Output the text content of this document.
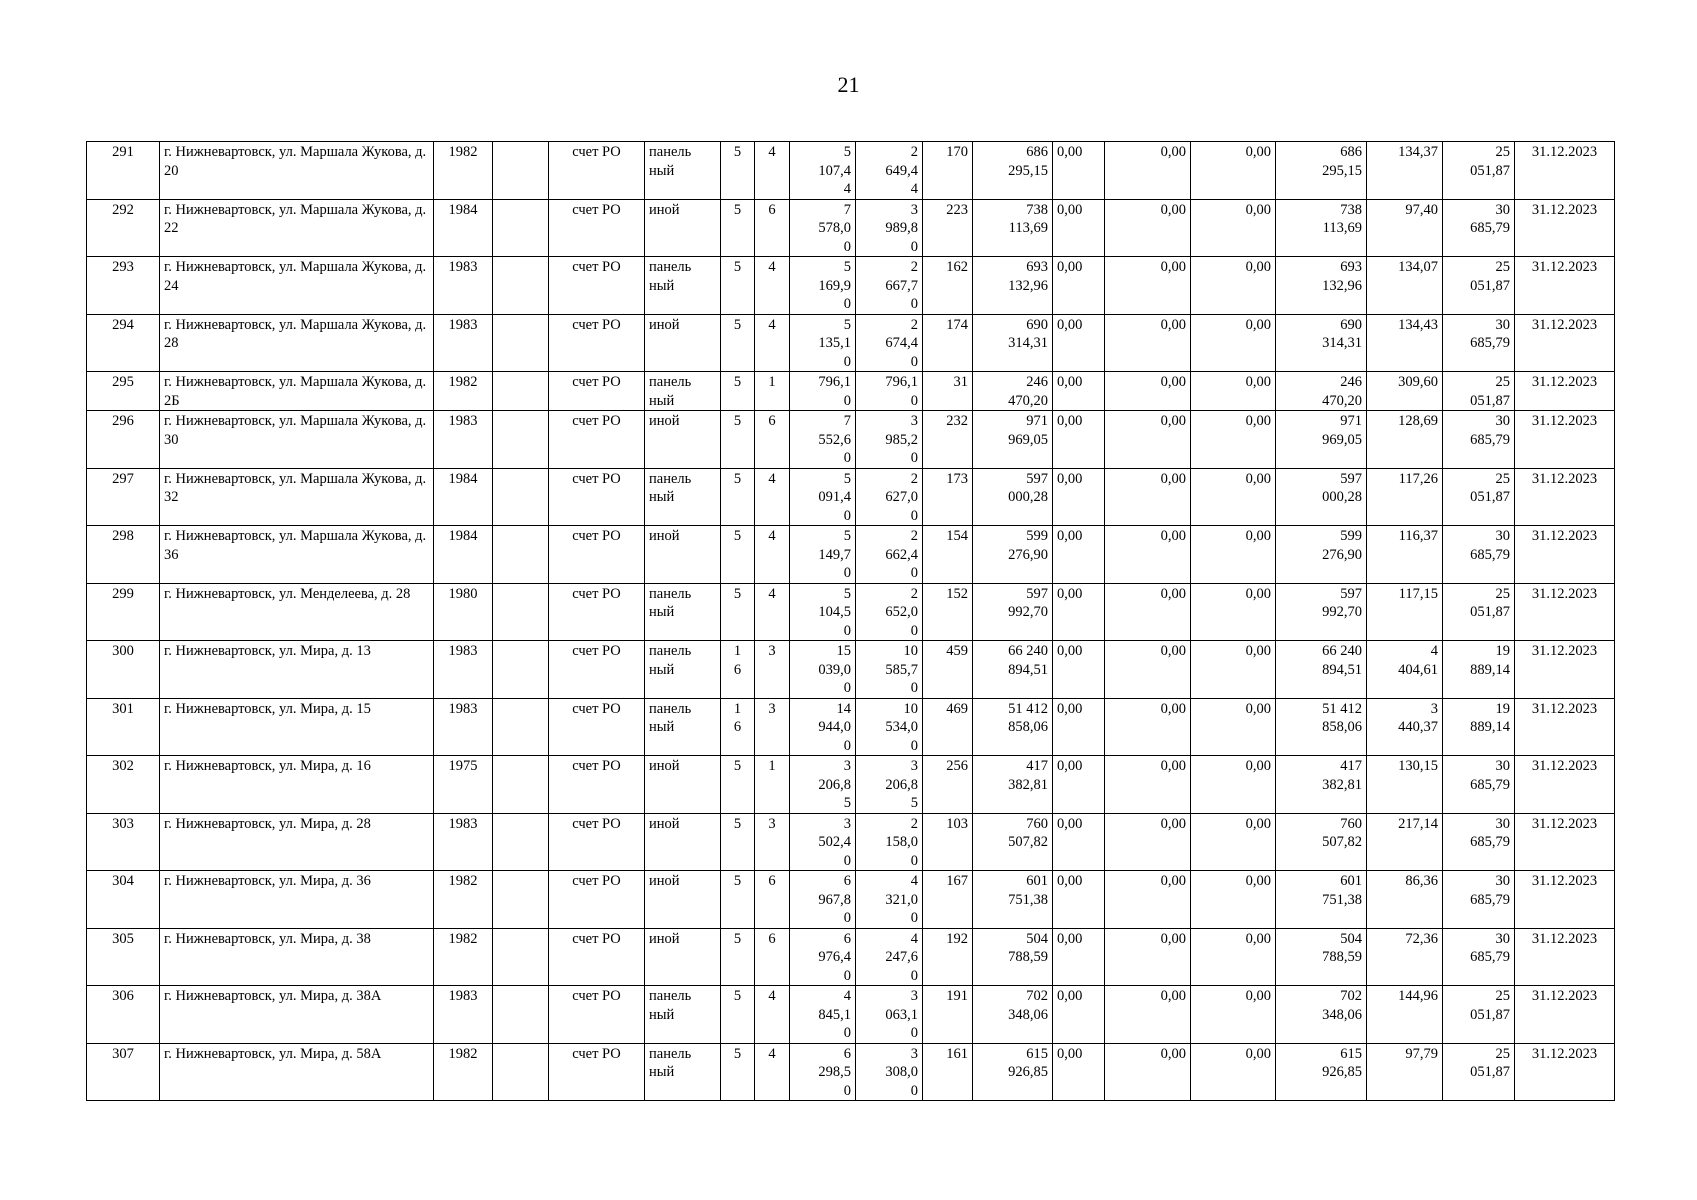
21
291	г. Нижневартовск, ул. Маршала Жукова, д. 20	1982		счет РО	панель
ный	5	4	5
107,4
4	2
649,4
4	170	686
295,15	0,00	0,00	0,00	686
295,15	134,37	25
051,87	31.12.2023
292	г. Нижневартовск, ул. Маршала Жукова, д. 22	1984		счет РО	иной	5	6	7
578,0
0	3
989,8
0	223	738
113,69	0,00	0,00	0,00	738
113,69	97,40	30
685,79	31.12.2023
293	г. Нижневартовск, ул. Маршала Жукова, д. 24	1983		счет РО	панель
ный	5	4	5
169,9
0	2
667,7
0	162	693
132,96	0,00	0,00	0,00	693
132,96	134,07	25
051,87	31.12.2023
294	г. Нижневартовск, ул. Маршала Жукова, д. 28	1983		счет РО	иной	5	4	5
135,1
0	2
674,4
0	174	690
314,31	0,00	0,00	0,00	690
314,31	134,43	30
685,79	31.12.2023
295	г. Нижневартовск, ул. Маршала Жукова, д. 2Б	1982		счет РО	панель
ный	5	1	796,1
0	796,1
0	31	246
470,20	0,00	0,00	0,00	246
470,20	309,60	25
051,87	31.12.2023
296	г. Нижневартовск, ул. Маршала Жукова, д. 30	1983		счет РО	иной	5	6	7
552,6
0	3
985,2
0	232	971
969,05	0,00	0,00	0,00	971
969,05	128,69	30
685,79	31.12.2023
297	г. Нижневартовск, ул. Маршала Жукова, д. 32	1984		счет РО	панель
ный	5	4	5
091,4
0	2
627,0
0	173	597
000,28	0,00	0,00	0,00	597
000,28	117,26	25
051,87	31.12.2023
298	г. Нижневартовск, ул. Маршала Жукова, д. 36	1984		счет РО	иной	5	4	5
149,7
0	2
662,4
0	154	599
276,90	0,00	0,00	0,00	599
276,90	116,37	30
685,79	31.12.2023
299	г. Нижневартовск, ул. Менделеева, д. 28	1980		счет РО	панель
ный	5	4	5
104,5
0	2
652,0
0	152	597
992,70	0,00	0,00	0,00	597
992,70	117,15	25
051,87	31.12.2023
300	г. Нижневартовск, ул. Мира, д. 13	1983		счет РО	панель
ный	1
6	3	15
039,0
0	10
585,7
0	459	66 240
894,51	0,00	0,00	0,00	66 240
894,51	4
404,61	19
889,14	31.12.2023
301	г. Нижневартовск, ул. Мира, д. 15	1983		счет РО	панель
ный	1
6	3	14
944,0
0	10
534,0
0	469	51 412
858,06	0,00	0,00	0,00	51 412
858,06	3
440,37	19
889,14	31.12.2023
302	г. Нижневартовск, ул. Мира, д. 16	1975		счет РО	иной	5	1	3
206,8
5	3
206,8
5	256	417
382,81	0,00	0,00	0,00	417
382,81	130,15	30
685,79	31.12.2023
303	г. Нижневартовск, ул. Мира, д. 28	1983		счет РО	иной	5	3	3
502,4
0	2
158,0
0	103	760
507,82	0,00	0,00	0,00	760
507,82	217,14	30
685,79	31.12.2023
304	г. Нижневартовск, ул. Мира, д. 36	1982		счет РО	иной	5	6	6
967,8
0	4
321,0
0	167	601
751,38	0,00	0,00	0,00	601
751,38	86,36	30
685,79	31.12.2023
305	г. Нижневартовск, ул. Мира, д. 38	1982		счет РО	иной	5	6	6
976,4
0	4
247,6
0	192	504
788,59	0,00	0,00	0,00	504
788,59	72,36	30
685,79	31.12.2023
306	г. Нижневартовск, ул. Мира, д. 38А	1983		счет РО	панель
ный	5	4	4
845,1
0	3
063,1
0	191	702
348,06	0,00	0,00	0,00	702
348,06	144,96	25
051,87	31.12.2023
307	г. Нижневартовск, ул. Мира, д. 58А	1982		счет РО	панель
ный	5	4	6
298,5
0	3
308,0
0	161	615
926,85	0,00	0,00	0,00	615
926,85	97,79	25
051,87	31.12.2023
